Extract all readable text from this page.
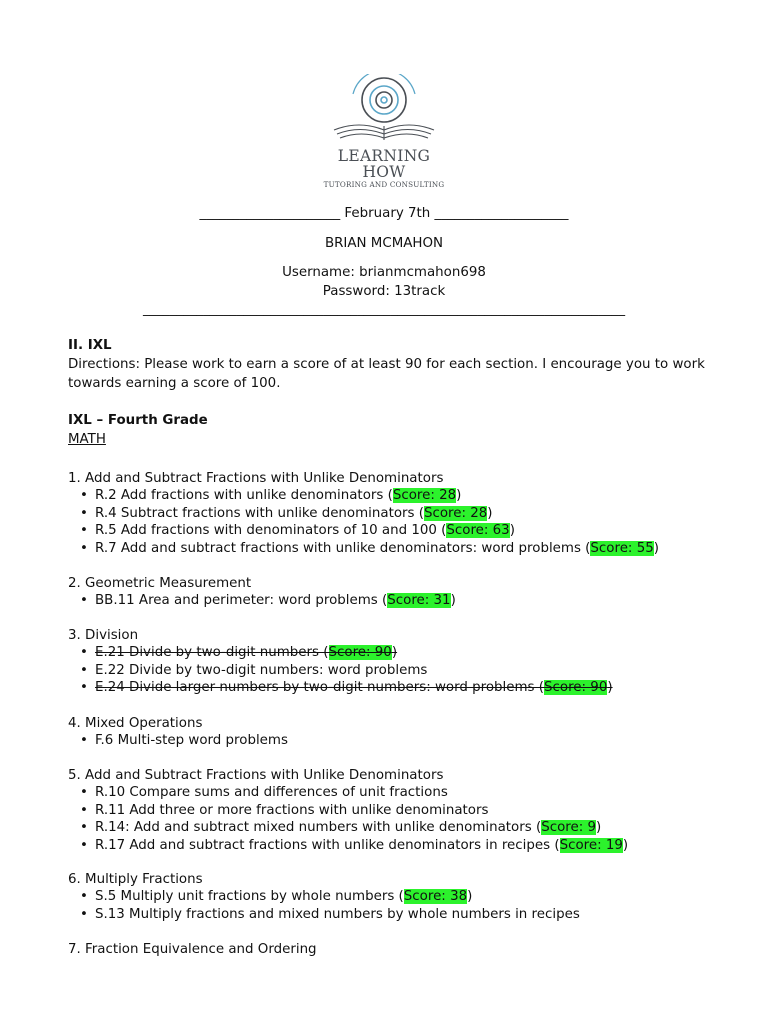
LEARNING HOW
TUTORING AND CONSULTING
_____________________ February 7th ____________________
BRIAN MCMAHON
Username: brianmcmahon698
Password: 13track
________________________________________________________________________
II. IXL
Directions: Please work to earn a score of at least 90 for each section. I encourage you to work
towards earning a score of 100.
IXL – Fourth Grade
MATH
1. Add and Subtract Fractions with Unlike Denominators
• R.2 Add fractions with unlike denominators (Score: 28)
• R.4 Subtract fractions with unlike denominators (Score: 28)
• R.5 Add fractions with denominators of 10 and 100 (Score: 63)
• R.7 Add and subtract fractions with unlike denominators: word problems (Score: 55)
2. Geometric Measurement
• BB.11 Area and perimeter: word problems (Score: 31)
3. Division
• E.21 Divide by two-digit numbers (Score: 90)
• E.22 Divide by two-digit numbers: word problems
• E.24 Divide larger numbers by two-digit numbers: word problems (Score: 90)
4. Mixed Operations
• F.6 Multi-step word problems
5. Add and Subtract Fractions with Unlike Denominators
• R.10 Compare sums and differences of unit fractions
• R.11 Add three or more fractions with unlike denominators
• R.14: Add and subtract mixed numbers with unlike denominators (Score: 9)
• R.17 Add and subtract fractions with unlike denominators in recipes (Score: 19)
6. Multiply Fractions
• S.5 Multiply unit fractions by whole numbers (Score: 38)
• S.13 Multiply fractions and mixed numbers by whole numbers in recipes
7. Fraction Equivalence and Ordering
